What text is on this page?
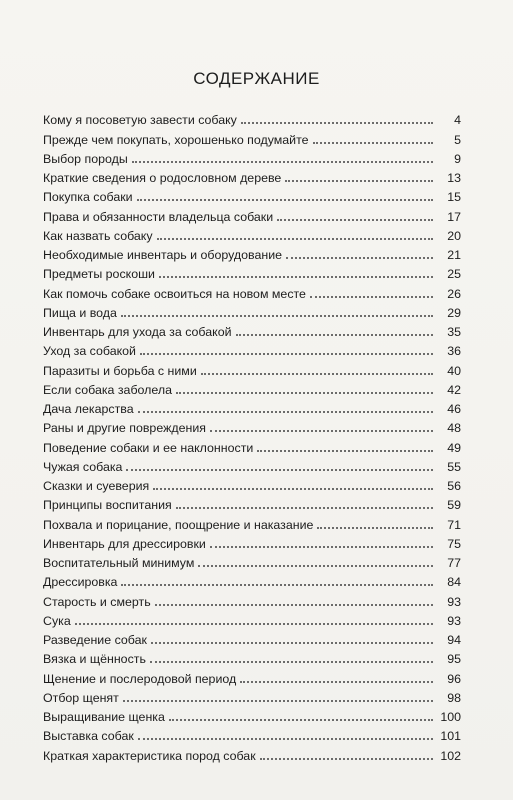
СОДЕРЖАНИЕ
Кому я посоветую завести собаку	4
Прежде чем покупать, хорошенько подумайте	5
Выбор породы	9
Краткие сведения о родословном дереве	13
Покупка собаки	15
Права и обязанности владельца собаки	17
Как назвать собаку	20
Необходимые инвентарь и оборудование	21
Предметы роскоши	25
Как помочь собаке освоиться на новом месте	26
Пища и вода	29
Инвентарь для ухода за собакой	35
Уход за собакой	36
Паразиты и борьба с ними	40
Если собака заболела	42
Дача лекарства	46
Раны и другие повреждения	48
Поведение собаки и ее наклонности	49
Чужая собака	55
Сказки и суеверия	56
Принципы воспитания	59
Похвала и порицание, поощрение и наказание	71
Инвентарь для дрессировки	75
Воспитательный минимум	77
Дрессировка	84
Старость и смерть	93
Сука	93
Разведение собак	94
Вязка и щённость	95
Щенение и послеродовой период	96
Отбор щенят	98
Выращивание щенка	100
Выставка собак	101
Краткая характеристика пород собак	102
